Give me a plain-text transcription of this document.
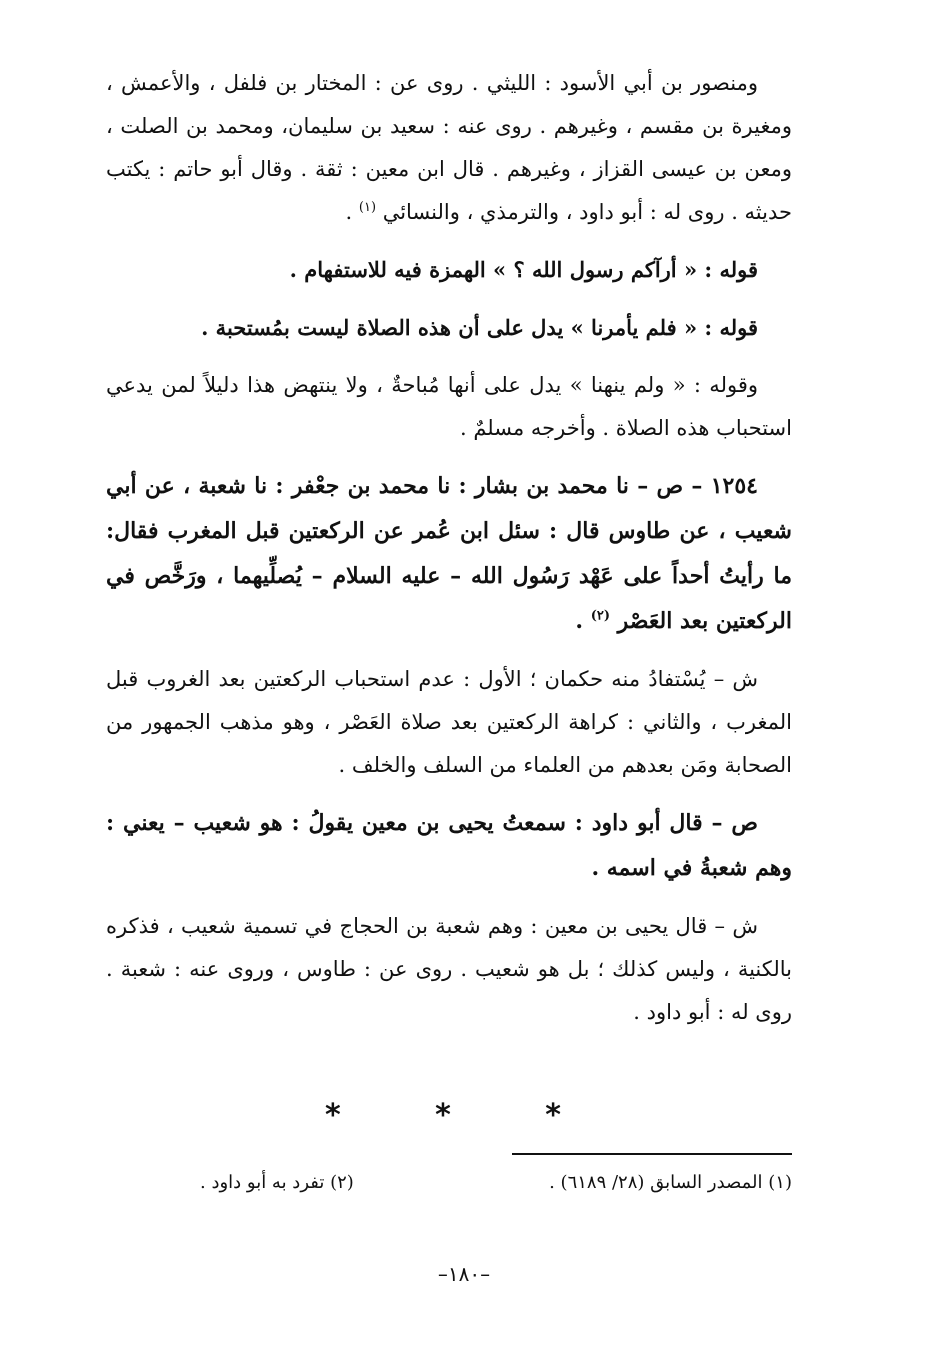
ومنصور بن أبي الأسود : الليثي . روى عن : المختار بن فلفل ، والأعمش ، ومغيرة بن مقسم ، وغيرهم . روى عنه : سعيد بن سليمان، ومحمد بن الصلت ، ومعن بن عيسى القزاز ، وغيرهم . قال ابن معين : ثقة . وقال أبو حاتم : يكتب حديثه . روى له : أبو داود ، والترمذي ، والنسائي $^{(١)}$ .

قوله : « أرآكم رسول الله ؟ » الهمزة فيه للاستفهام .

قوله : « فلم يأمرنا » يدل على أن هذه الصلاة ليست بمُستحبة .

وقوله : « ولم ينهنا » يدل على أنها مُباحةٌ ، ولا ينتهض هذا دليلاً لمن يدعي استحباب هذه الصلاة . وأخرجه مسلمٌ .

١٢٥٤ – ص – نا محمد بن بشار : نا محمد بن جعْفر : نا شعبة ، عن أبي شعيب ، عن طاوس قال : سئل ابن عُمر عن الركعتين قبل المغرب فقال: ما رأيتُ أحداً على عَهْد رَسُول الله – عليه السلام – يُصلِّيهما ، ورَخَّص في الركعتين بعد العَصْر $^{(٢)}$ .

ش – يُسْتفادُ منه حكمان ؛ الأول : عدم استحباب الركعتين بعد الغروب قبل المغرب ، والثاني : كراهة الركعتين بعد صلاة العَصْر ، وهو مذهب الجمهور من الصحابة ومَن بعدهم من العلماء من السلف والخلف .

ص – قال أبو داود : سمعتُ يحيى بن معين يقولُ : هو شعيب – يعني : وهم شعبةُ في اسمه .

ش – قال يحيى بن معين : وهم شعبة بن الحجاج في تسمية شعيب ، فذكره بالكنية ، وليس كذلك ؛ بل هو شعيب . روى عن : طاوس ، وروى عنه : شعبة . روى له : أبو داود .

* * *
(١) المصدر السابق (٢٨/ ٦١٨٩) .
(٢) تفرد به أبو داود .
–١٨٠–
